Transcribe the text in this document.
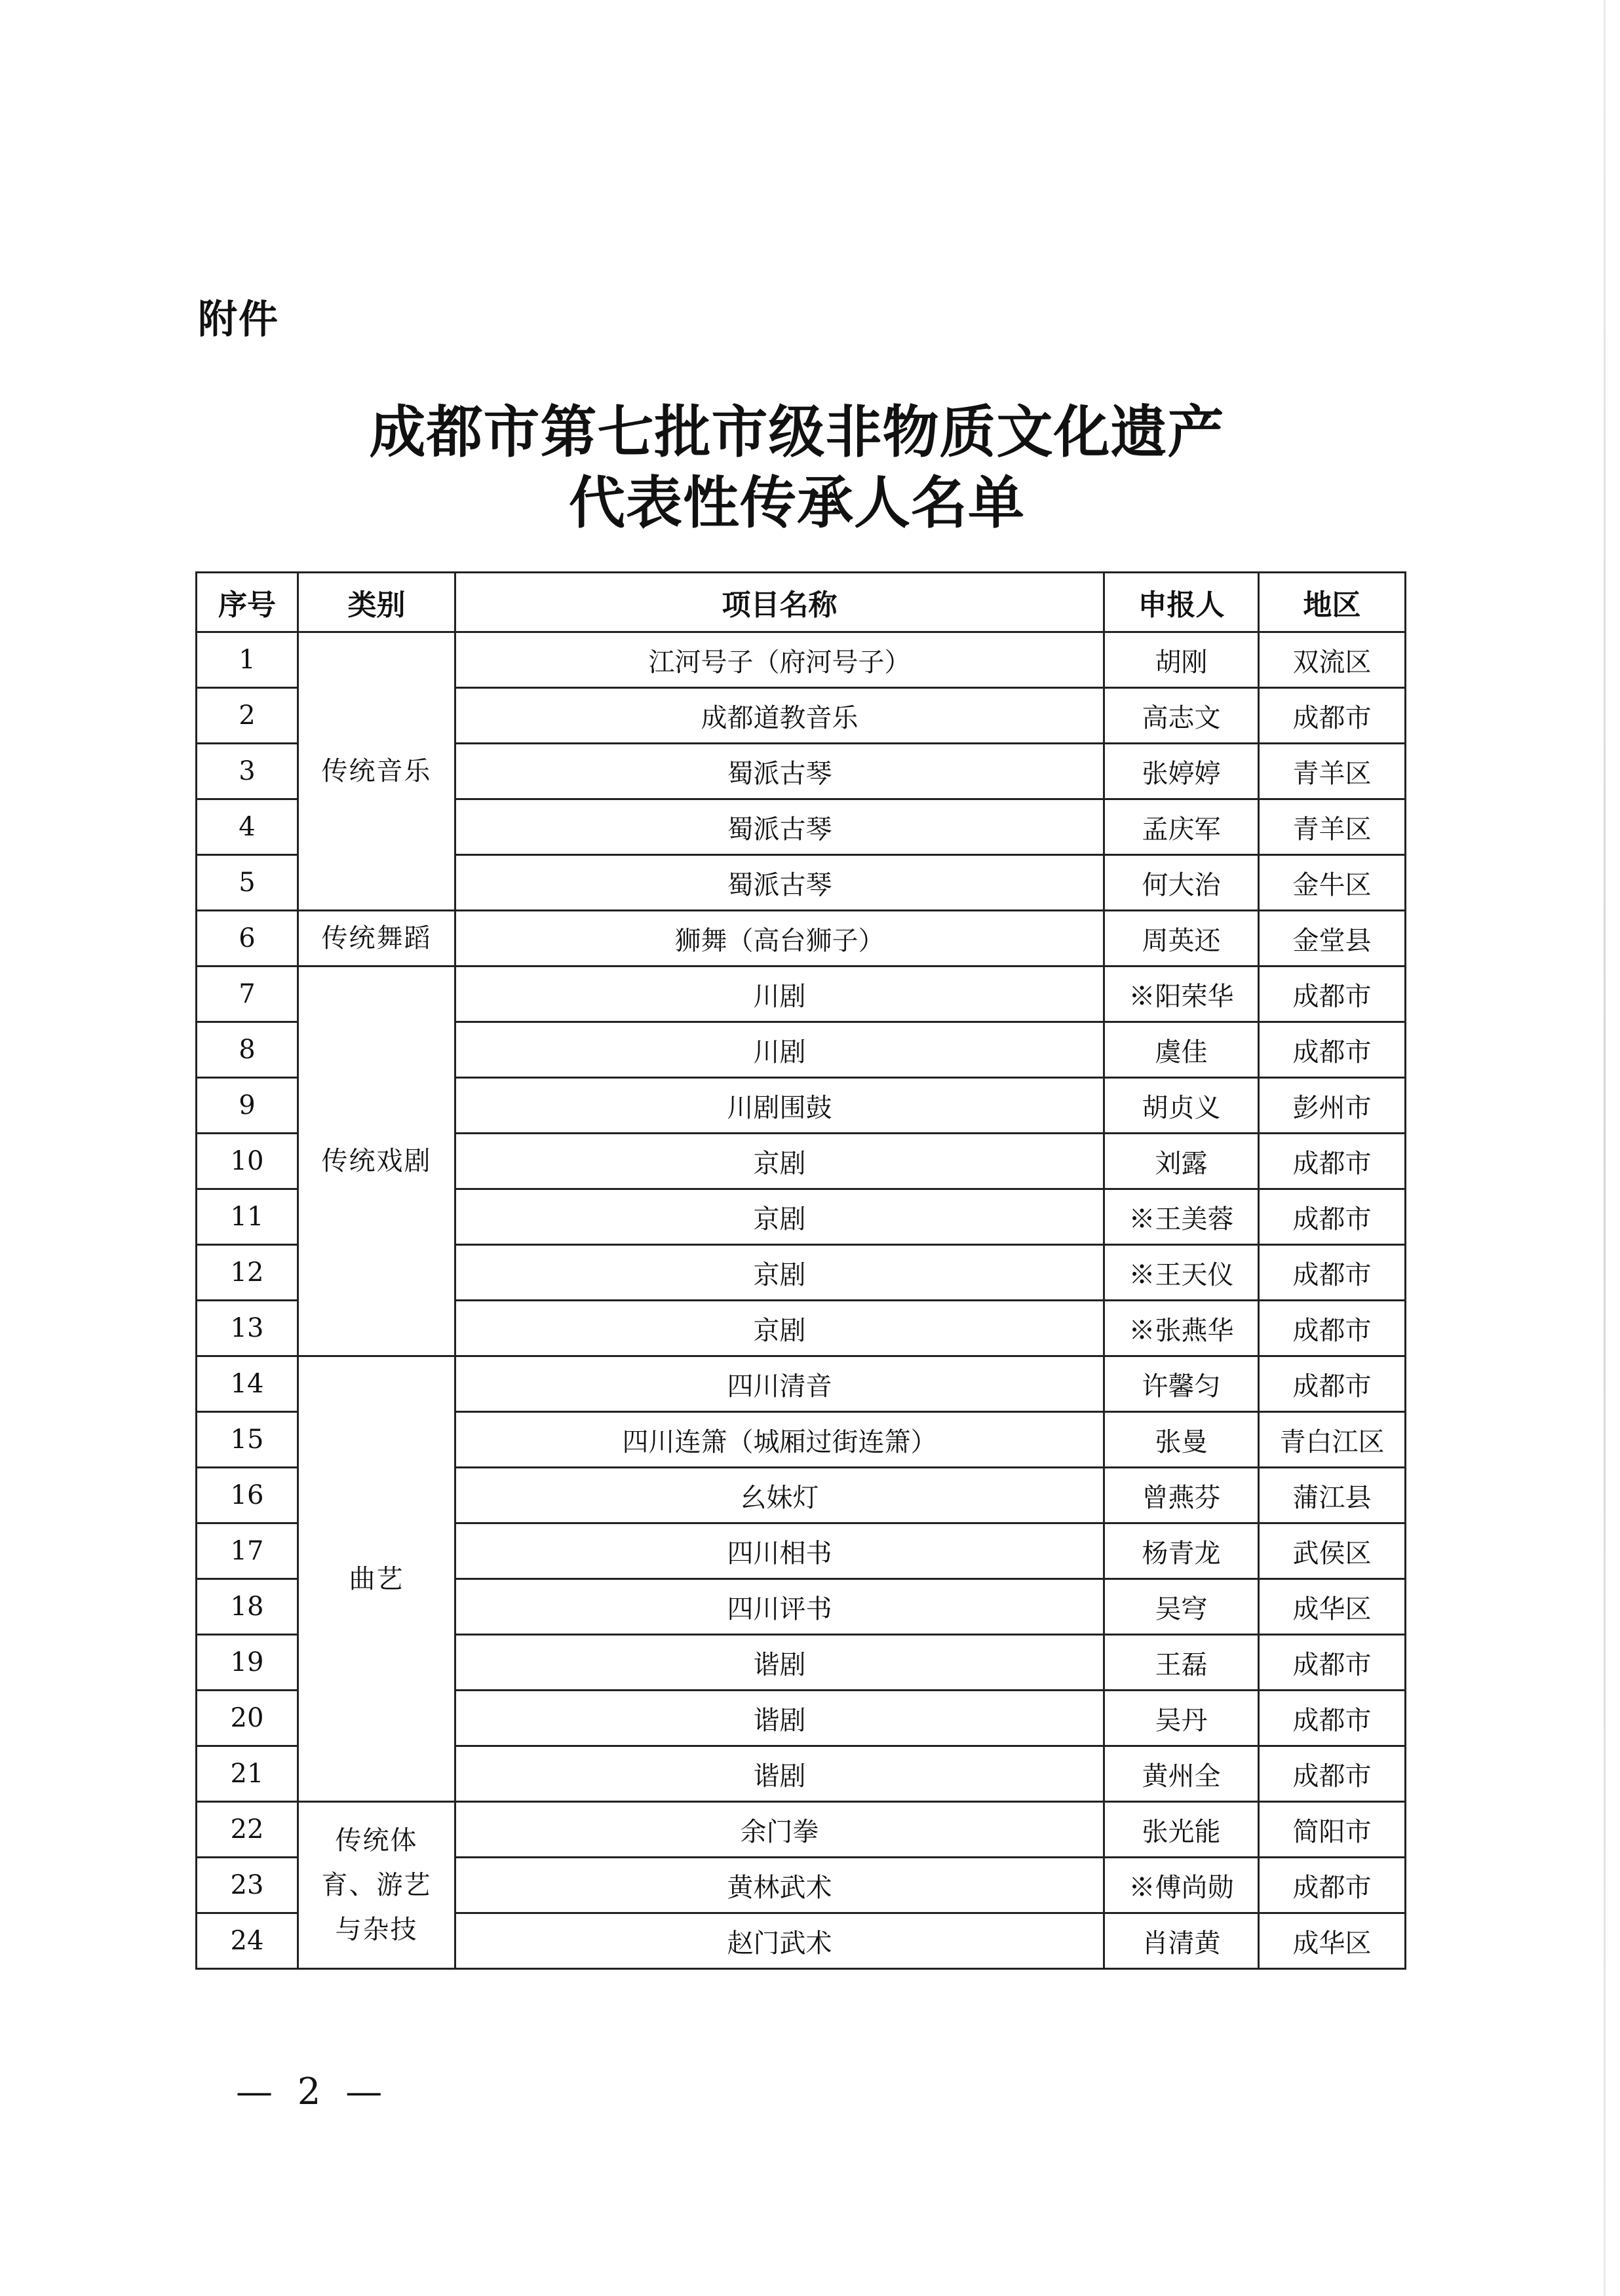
附件
成都市第七批市级非物质文化遗产
代表性传承人名单
序号	类别	项目名称	申报人	地区
1	传统音乐	江河号子（府河号子）	胡刚	双流区
2		成都道教音乐	高志文	成都市
3		蜀派古琴	张婷婷	青羊区
4		蜀派古琴	孟庆军	青羊区
5		蜀派古琴	何大治	金牛区
6	传统舞蹈	狮舞（高台狮子）	周英还	金堂县
7	传统戏剧	川剧	※阳荣华	成都市
8		川剧	虞佳	成都市
9		川剧围鼓	胡贞义	彭州市
10		京剧	刘露	成都市
11		京剧	※王美蓉	成都市
12		京剧	※王天仪	成都市
13		京剧	※张燕华	成都市
14	曲艺	四川清音	许馨匀	成都市
15		四川连箫（城厢过街连箫）	张曼	青白江区
16		幺妹灯	曾燕芬	蒲江县
17		四川相书	杨青龙	武侯区
18		四川评书	吴穹	成华区
19		谐剧	王磊	成都市
20		谐剧	吴丹	成都市
21		谐剧	黄州全	成都市
22	传统体育、游艺与杂技	余门拳	张光能	简阳市
23		黄林武术	※傅尚勋	成都市
24		赵门武术	肖清黄	成华区
— 2 —
